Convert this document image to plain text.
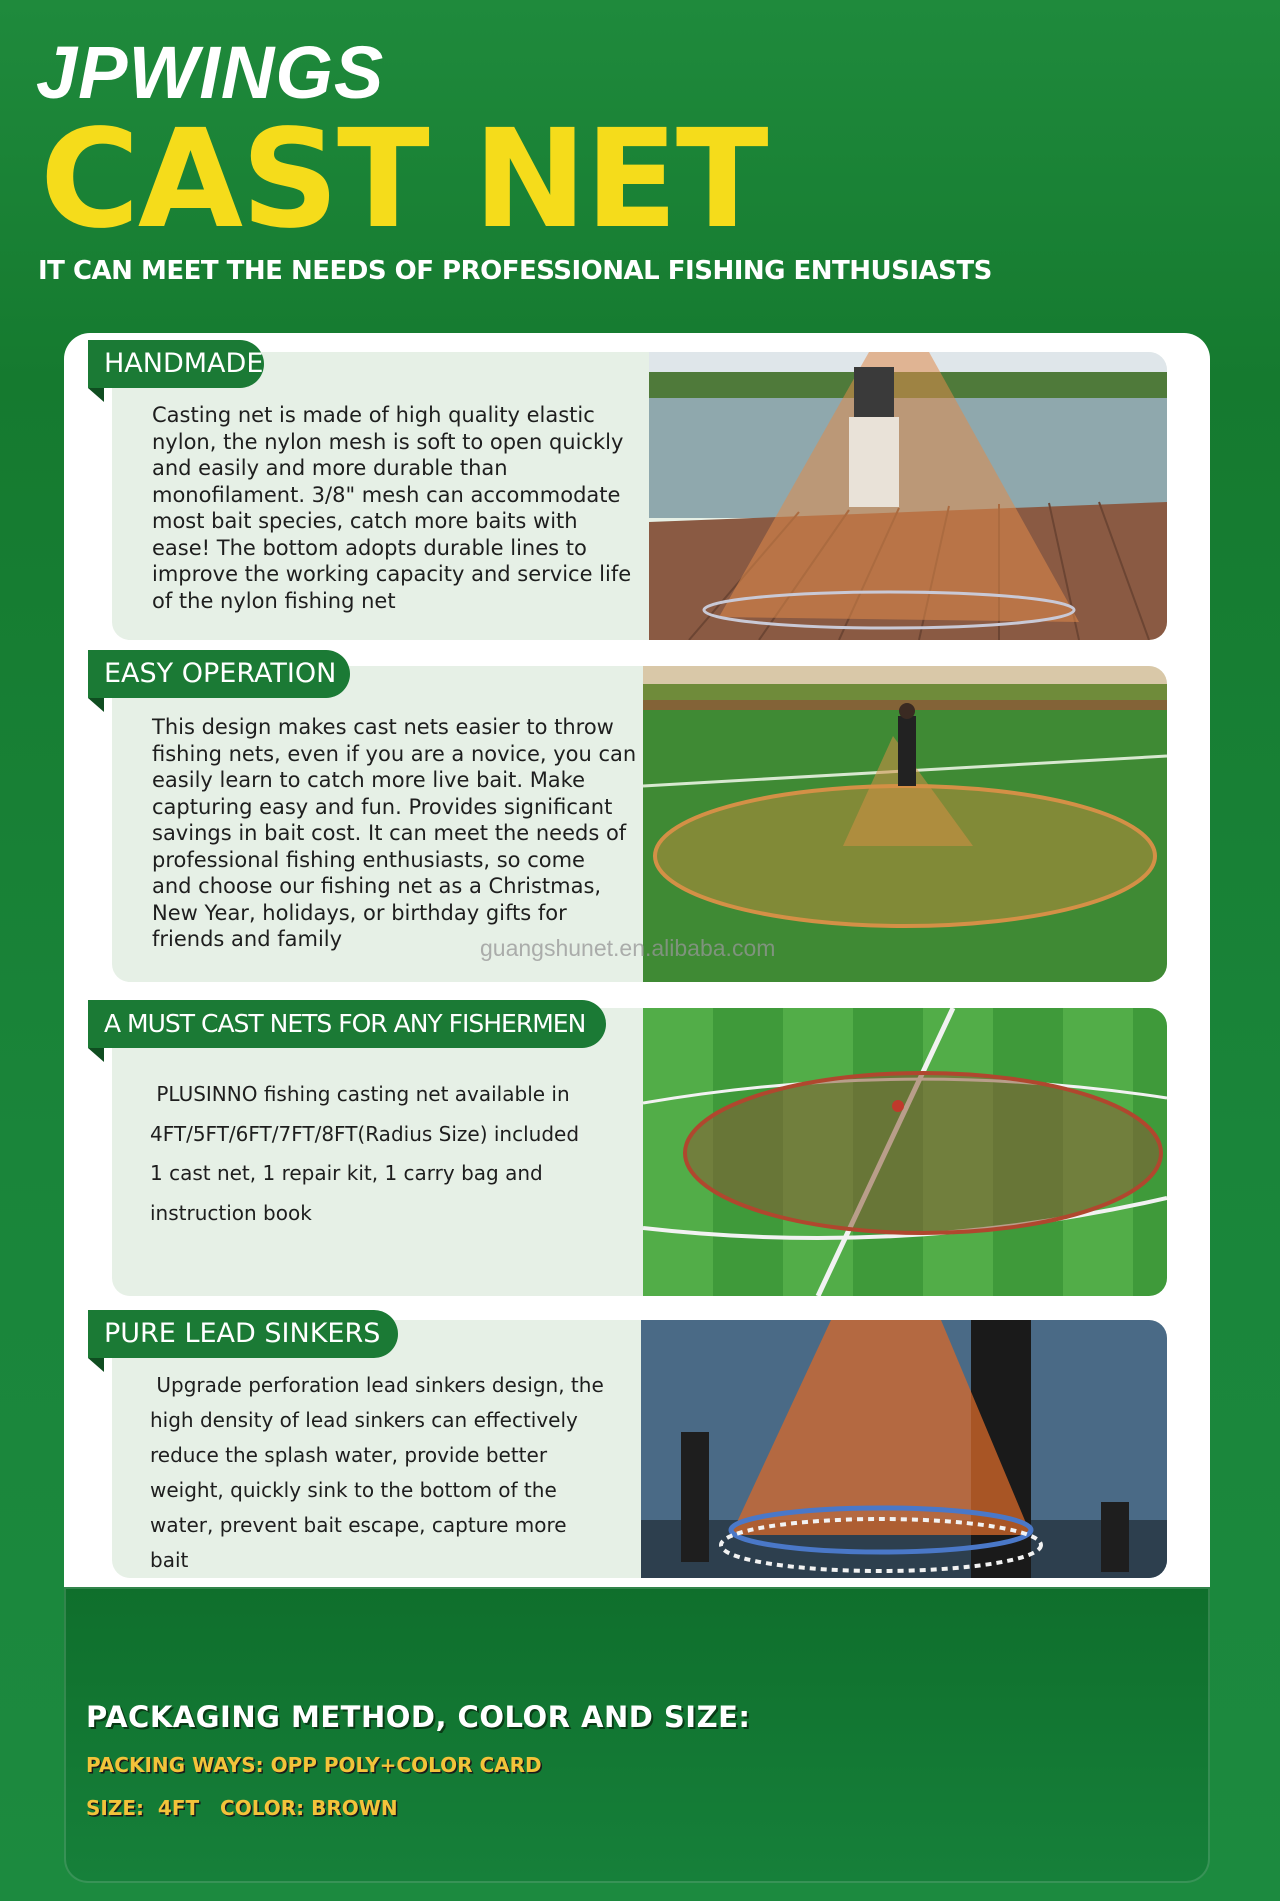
JPWINGS
CAST NET
IT CAN MEET THE NEEDS OF PROFESSIONAL FISHING ENTHUSIASTS
HANDMADE
Casting net is made of high quality elastic
nylon, the nylon mesh is soft to open quickly
and easily and more durable than
monofilament. 3/8" mesh can accommodate
most bait species, catch more baits with
ease! The bottom adopts durable lines to
improve the working capacity and service life
of the nylon fishing net
EASY OPERATION
This design makes cast nets easier to throw
fishing nets, even if you are a novice, you can
easily learn to catch more live bait. Make
capturing easy and fun. Provides significant
savings in bait cost. It can meet the needs of
professional fishing enthusiasts, so come
and choose our fishing net as a Christmas,
New Year, holidays, or birthday gifts for
friends and family	guangshunet.en.alibaba.com
A MUST CAST NETS FOR ANY FISHERMEN
PLUSINNO fishing casting net available in
4FT/5FT/6FT/7FT/8FT(Radius Size) included
1 cast net, 1 repair kit, 1 carry bag and
instruction book
PURE LEAD SINKERS
Upgrade perforation lead sinkers design, the
high density of lead sinkers can effectively
reduce the splash water, provide better
weight, quickly sink to the bottom of the
water, prevent bait escape, capture more
bait
PACKAGING METHOD, COLOR AND SIZE:
PACKING WAYS: OPP POLY+COLOR CARD
SIZE:  4FT   COLOR: BROWN
